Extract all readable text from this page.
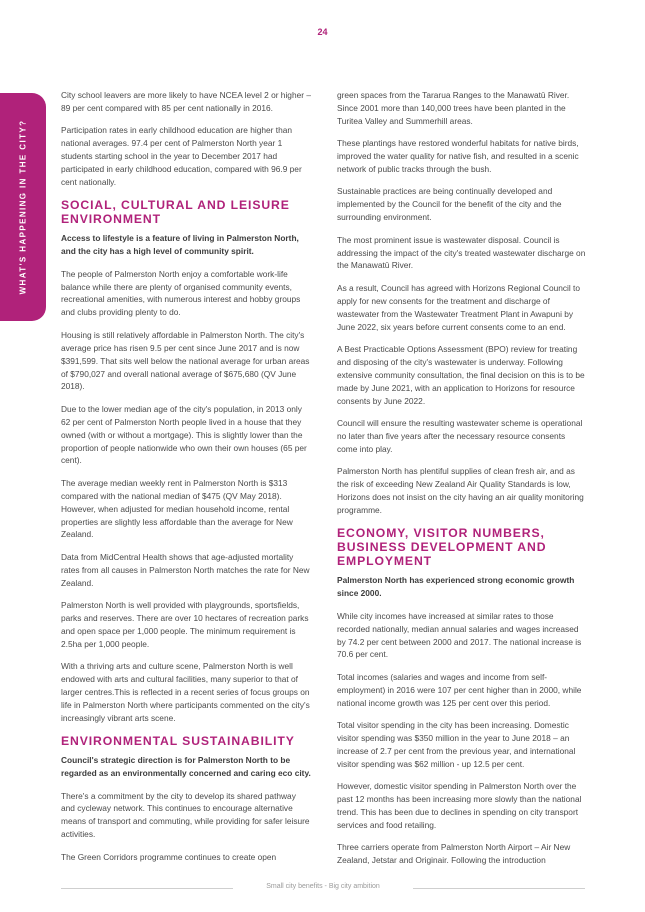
24
WHAT'S HAPPENING IN THE CITY?

City school leavers are more likely to have NCEA level 2 or higher – 89 per cent compared with 85 per cent nationally in 2016.

Participation rates in early childhood education are higher than national averages. 97.4 per cent of Palmerston North year 1 students starting school in the year to December 2017 had participated in early childhood education, compared with 96.9 per cent nationally.

SOCIAL, CULTURAL AND LEISURE ENVIRONMENT

Access to lifestyle is a feature of living in Palmerston North, and the city has a high level of community spirit.

The people of Palmerston North enjoy a comfortable work-life balance while there are plenty of organised community events, recreational amenities, with numerous interest and hobby groups and clubs providing plenty to do.

Housing is still relatively affordable in Palmerston North. The city's average price has risen 9.5 per cent since June 2017 and is now $391,599. That sits well below the national average for urban areas of $790,027 and overall national average of $675,680 (QV June 2018).

Due to the lower median age of the city's population, in 2013 only 62 per cent of Palmerston North people lived in a house that they owned (with or without a mortgage). This is slightly lower than the proportion of people nationwide who own their own houses (65 per cent).

The average median weekly rent in Palmerston North is $313 compared with the national median of $475 (QV May 2018). However, when adjusted for median household income, rental properties are slightly less affordable than the average for New Zealand.

Data from MidCentral Health shows that age-adjusted mortality rates from all causes in Palmerston North matches the rate for New Zealand.

Palmerston North is well provided with playgrounds, sportsfields, parks and reserves. There are over 10 hectares of recreation parks and open space per 1,000 people. The minimum requirement is 2.5ha per 1,000 people.

With a thriving arts and culture scene, Palmerston North is well endowed with arts and cultural facilities, many superior to that of larger centres.This is reflected in a recent series of focus groups on life in Palmerston North where participants commented on the city's increasingly vibrant arts scene.

ENVIRONMENTAL SUSTAINABILITY

Council's strategic direction is for Palmerston North to be regarded as an environmentally concerned and caring eco city.

There's a commitment by the city to develop its shared pathway and cycleway network. This continues to encourage alternative means of transport and commuting, while providing for safer leisure activities.

The Green Corridors programme continues to create open

green spaces from the Tararua Ranges to the Manawatū River. Since 2001 more than 140,000 trees have been planted in the Turitea Valley and Summerhill areas.

These plantings have restored wonderful habitats for native birds, improved the water quality for native fish, and resulted in a scenic network of public tracks through the bush.

Sustainable practices are being continually developed and implemented by the Council for the benefit of the city and the surrounding environment.

The most prominent issue is wastewater disposal. Council is addressing the impact of the city's treated wastewater discharge on the Manawatū River.

As a result, Council has agreed with Horizons Regional Council to apply for new consents for the treatment and discharge of wastewater from the Wastewater Treatment Plant in Awapuni by June 2022, six years before current consents come to an end.

A Best Practicable Options Assessment (BPO) review for treating and disposing of the city's wastewater is underway. Following extensive community consultation, the final decision on this is to be made by June 2021, with an application to Horizons for resource consents by June 2022.

Council will ensure the resulting wastewater scheme is operational no later than five years after the necessary resource consents come into play.

Palmerston North has plentiful supplies of clean fresh air, and as the risk of exceeding New Zealand Air Quality Standards is low, Horizons does not insist on the city having an air quality monitoring programme.

ECONOMY, VISITOR NUMBERS, BUSINESS DEVELOPMENT AND EMPLOYMENT

Palmerston North has experienced strong economic growth since 2000.

While city incomes have increased at similar rates to those recorded nationally, median annual salaries and wages increased by 74.2 per cent between 2000 and 2017. The national increase is 70.6 per cent.

Total incomes (salaries and wages and income from self-employment) in 2016 were 107 per cent higher than in 2000, while national income growth was 125 per cent over this period.

Total visitor spending in the city has been increasing. Domestic visitor spending was $350 million in the year to June 2018 – an increase of 2.7 per cent from the previous year, and international visitor spending was $62 million - up 12.5 per cent.

However, domestic visitor spending in Palmerston North over the past 12 months has been increasing more slowly than the national trend. This has been due to declines in spending on city transport services and food retailing.

Three carriers operate from Palmerston North Airport – Air New Zealand, Jetstar and Originair. Following the introduction

Small city benefits - Big city ambition
